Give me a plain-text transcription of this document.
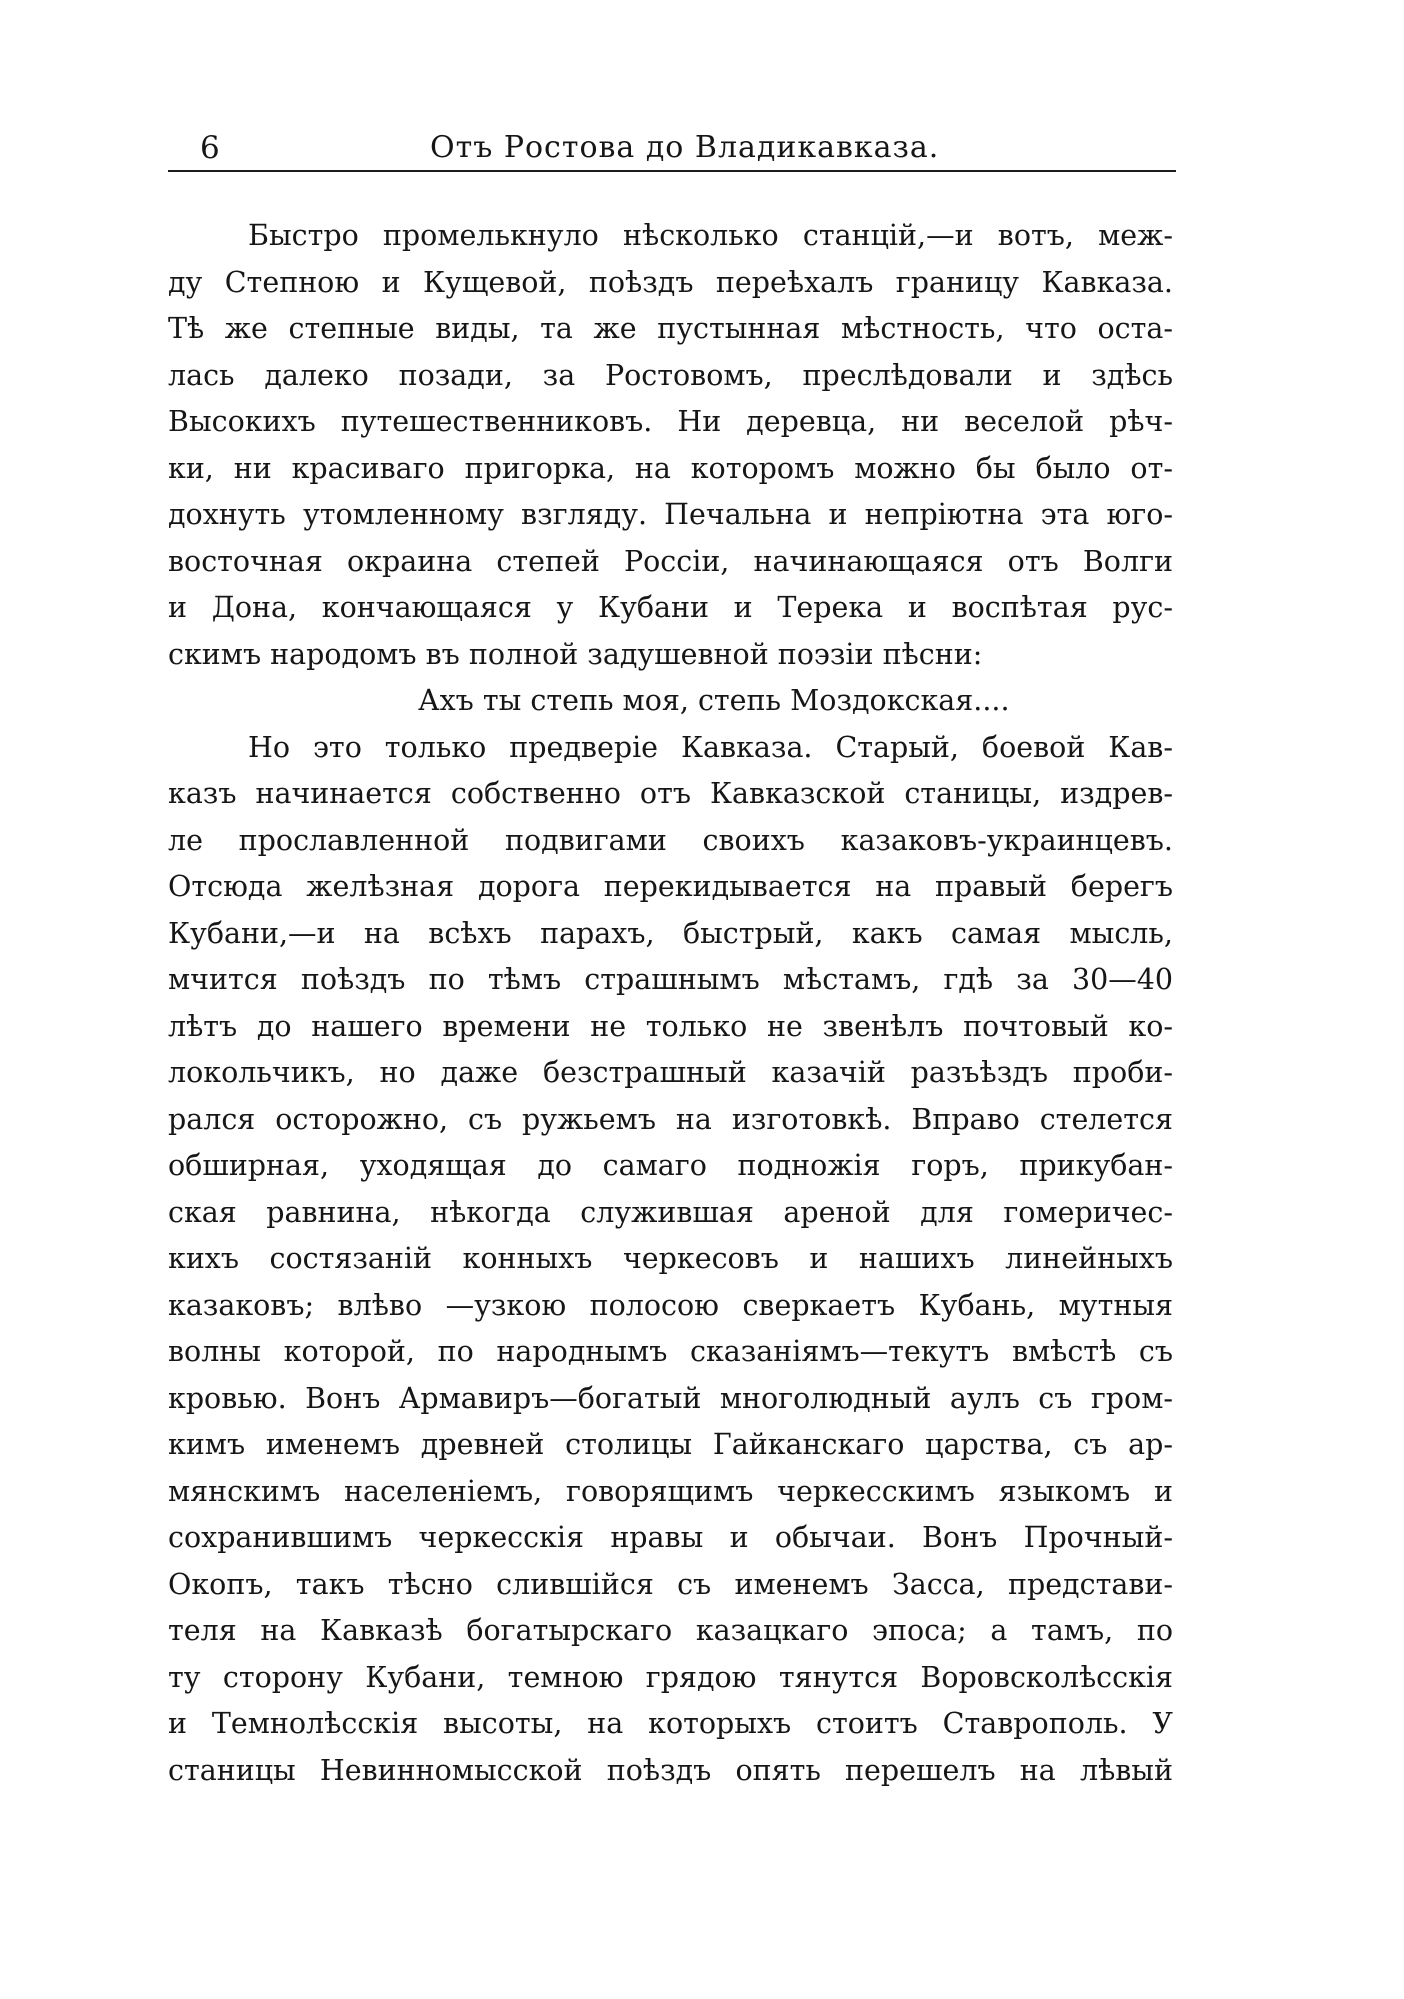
6	Отъ Ростова до Владикавказа.
Быстро промелькнуло нѣсколько станцій,—и вотъ, меж-
ду Степною и Кущевой, поѣздъ переѣхалъ границу Кавказа.
Тѣ же степные виды, та же пустынная мѣстность, что оста-
лась далеко позади, за Ростовомъ, преслѣдовали и здѣсь
Высокихъ путешественниковъ. Ни деревца, ни веселой рѣч-
ки, ни красиваго пригорка, на которомъ можно бы было от-
дохнуть утомленному взгляду. Печальна и непріютна эта юго-
восточная окраина степей Россіи, начинающаяся отъ Волги
и Дона, кончающаяся у Кубани и Терека и воспѣтая рус-
скимъ народомъ въ полной задушевной поэзіи пѣсни:
Ахъ ты степь моя, степь Моздокская....
Но это только предверіе Кавказа. Старый, боевой Кав-
казъ начинается собственно отъ Кавказской станицы, издрев-
ле прославленной подвигами своихъ казаковъ-украинцевъ.
Отсюда желѣзная дорога перекидывается на правый берегъ
Кубани,—и на всѣхъ парахъ, быстрый, какъ самая мысль,
мчится поѣздъ по тѣмъ страшнымъ мѣстамъ, гдѣ за 30—40
лѣтъ до нашего времени не только не звенѣлъ почтовый ко-
локольчикъ, но даже безстрашный казачій разъѣздъ проби-
рался осторожно, съ ружьемъ на изготовкѣ. Вправо стелется
обширная, уходящая до самаго подножія горъ, прикубан-
ская равнина, нѣкогда служившая ареной для гомеричес-
кихъ состязаній конныхъ черкесовъ и нашихъ линейныхъ
казаковъ; влѣво —узкою полосою сверкаетъ Кубань, мутныя
волны которой, по народнымъ сказаніямъ—текутъ вмѣстѣ съ
кровью. Вонъ Армавиръ—богатый многолюдный аулъ съ гром-
кимъ именемъ древней столицы Гайканскаго царства, съ ар-
мянскимъ населеніемъ, говорящимъ черкесскимъ языкомъ и
сохранившимъ черкесскія нравы и обычаи. Вонъ Прочный-
Окопъ, такъ тѣсно слившійся съ именемъ Засса, представи-
теля на Кавказѣ богатырскаго казацкаго эпоса; а тамъ, по
ту сторону Кубани, темною грядою тянутся Воровсколѣсскія
и Темнолѣсскія высоты, на которыхъ стоитъ Ставрополь. У
станицы Невинномысской поѣздъ опять перешелъ на лѣвый
